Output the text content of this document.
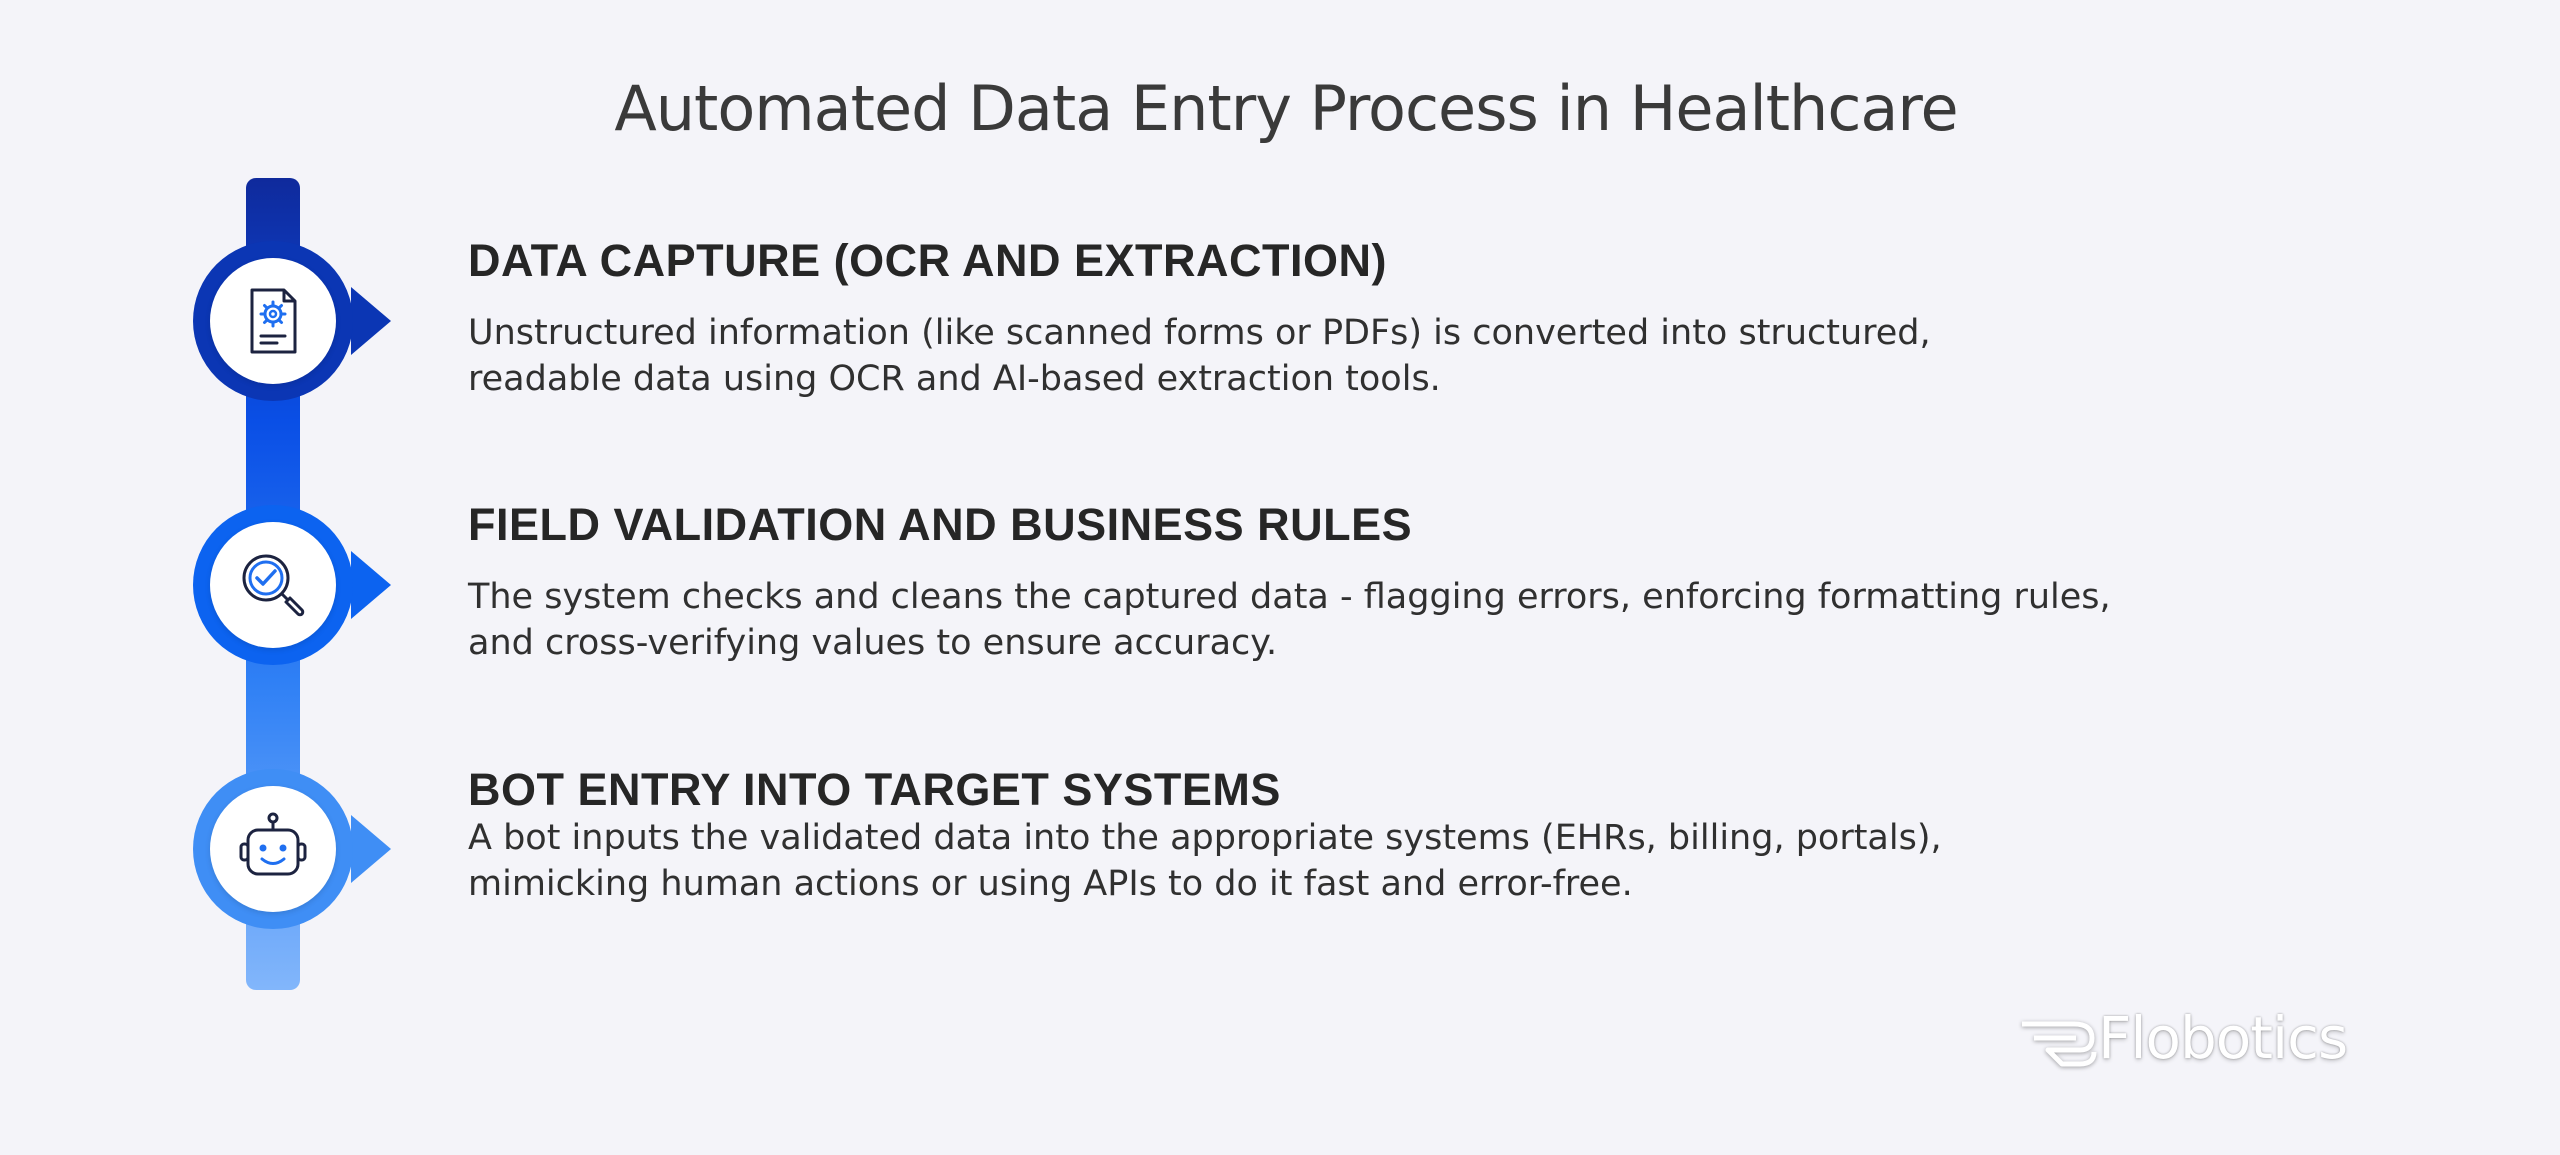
Automated Data Entry Process in Healthcare
DATA CAPTURE (OCR AND EXTRACTION)
Unstructured information (like scanned forms or PDFs) is converted into structured,
readable data using OCR and AI-based extraction tools.
FIELD VALIDATION AND BUSINESS RULES
The system checks and cleans the captured data - flagging errors, enforcing formatting rules,
and cross-verifying values to ensure accuracy.
BOT ENTRY INTO TARGET SYSTEMS
A bot inputs the validated data into the appropriate systems (EHRs, billing, portals),
mimicking human actions or using APIs to do it fast and error-free.
Flobotics
